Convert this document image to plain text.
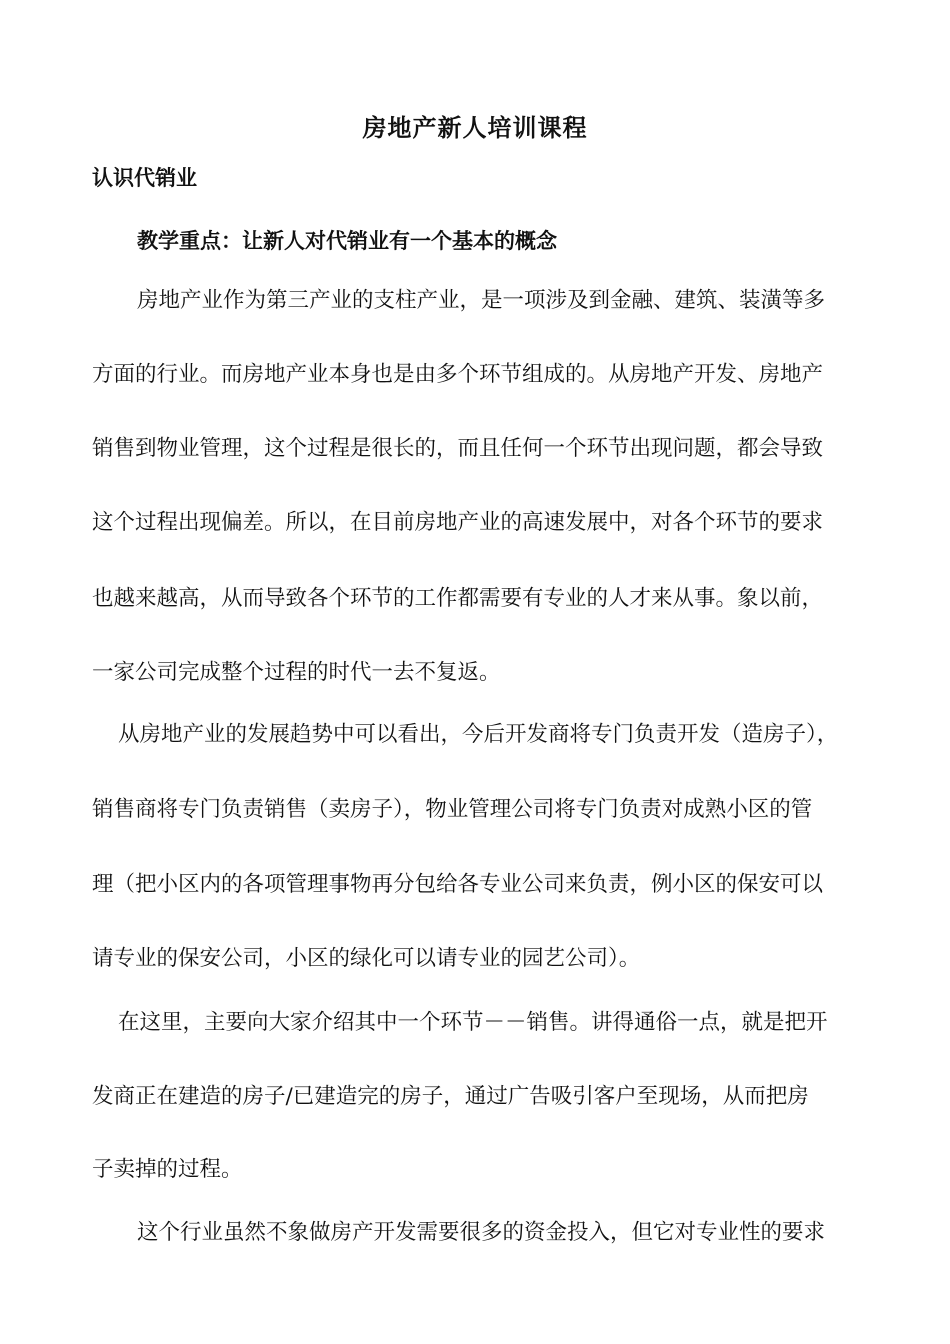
房地产新人培训课程
认识代销业
教学重点：让新人对代销业有一个基本的概念
房地产业作为第三产业的支柱产业，是一项涉及到金融、建筑、装潢等多
方面的行业。而房地产业本身也是由多个环节组成的。从房地产开发、房地产
销售到物业管理，这个过程是很长的，而且任何一个环节出现问题，都会导致
这个过程出现偏差。所以，在目前房地产业的高速发展中，对各个环节的要求
也越来越高，从而导致各个环节的工作都需要有专业的人才来从事。象以前，
一家公司完成整个过程的时代一去不复返。
从房地产业的发展趋势中可以看出，今后开发商将专门负责开发（造房子），
销售商将专门负责销售（卖房子），物业管理公司将专门负责对成熟小区的管
理（把小区内的各项管理事物再分包给各专业公司来负责，例小区的保安可以
请专业的保安公司，小区的绿化可以请专业的园艺公司）。
在这里，主要向大家介绍其中一个环节－－销售。讲得通俗一点，就是把开
发商正在建造的房子/已建造完的房子，通过广告吸引客户至现场，从而把房
子卖掉的过程。
这个行业虽然不象做房产开发需要很多的资金投入，但它对专业性的要求
